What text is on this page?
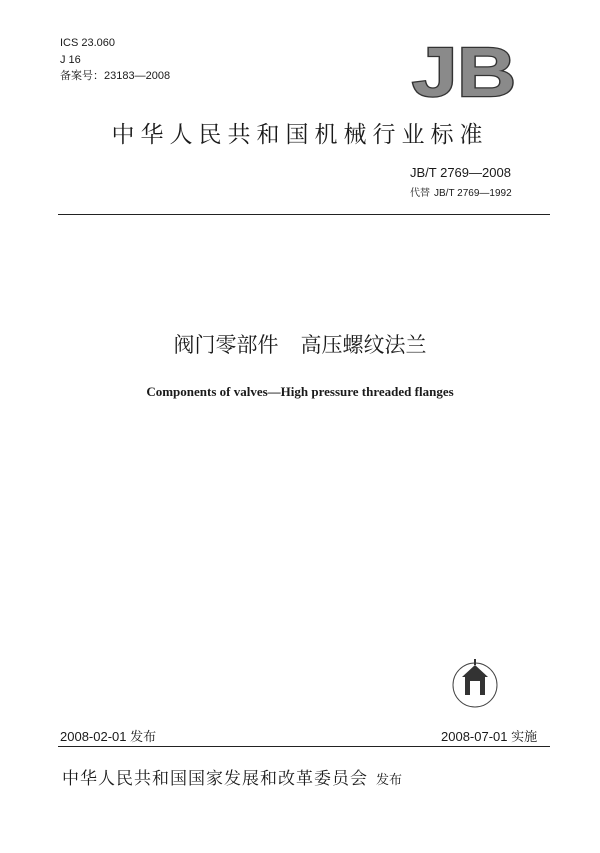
ICS 23.060
J 16
备案号：23183—2008	JB
中华人民共和国机械行业标准
JB/T 2769—2008
代替 JB/T 2769—1992
阀门零部件 高压螺纹法兰
Components of valves—High pressure threaded flanges
2008-02-01 发布	2008-07-01 实施
中华人民共和国国家发展和改革委员会 发布
